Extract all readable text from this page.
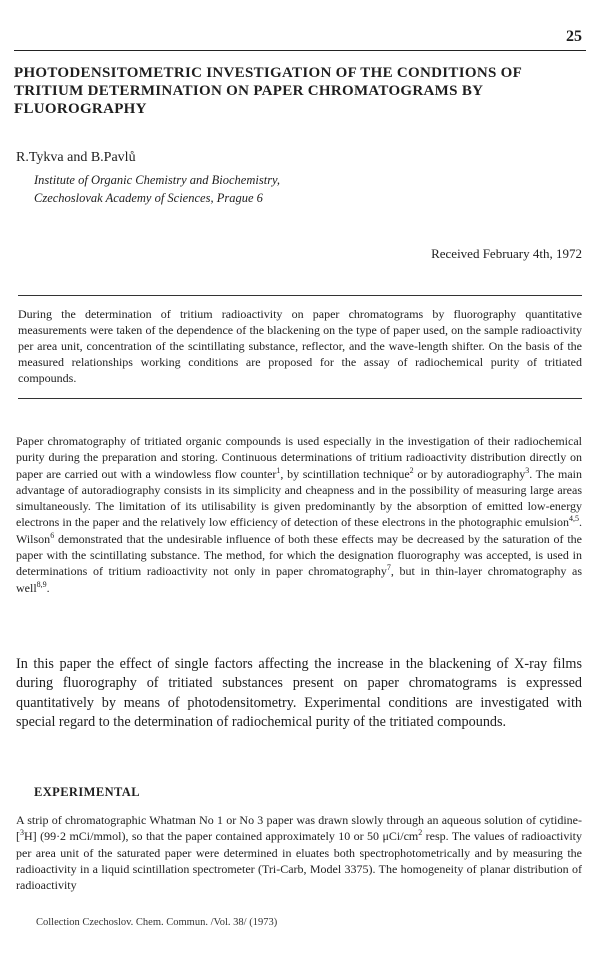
25
PHOTODENSITOMETRIC INVESTIGATION OF THE CONDITIONS OF TRITIUM DETERMINATION ON PAPER CHROMATOGRAMS BY FLUOROGRAPHY
R.Tykva and B.Pavlů
Institute of Organic Chemistry and Biochemistry,
Czechoslovak Academy of Sciences, Prague 6
Received February 4th, 1972

During the determination of tritium radioactivity on paper chromatograms by fluorography quantitative measurements were taken of the dependence of the blackening on the type of paper used, on the sample radioactivity per area unit, concentration of the scintillating substance, reflector, and the wave-length shifter. On the basis of the measured relationships working conditions are proposed for the assay of radiochemical purity of tritiated compounds.

Paper chromatography of tritiated organic compounds is used especially in the investigation of their radiochemical purity during the preparation and storing. Continuous determinations of tritium radioactivity distribution directly on paper are carried out with a windowless flow counter$^1$, by scintillation technique$^2$ or by autoradiography$^3$. The main advantage of autoradiography consists in its simplicity and cheapness and in the possibility of measuring large areas simultaneously. The limitation of its utilisability is given predominantly by the absorption of emitted low-energy electrons in the paper and the relatively low efficiency of detection of these electrons in the photographic emulsion$^{4,5}$. Wilson$^6$ demonstrated that the undesirable influence of both these effects may be decreased by the saturation of the paper with the scintillating substance. The method, for which the designation fluorography was accepted, is used in determinations of tritium radioactivity not only in paper chromatography$^7$, but in thin-layer chromatography as well$^{8,9}$.

In this paper the effect of single factors affecting the increase in the blackening of X-ray films during fluorography of tritiated substances present on paper chromatograms is expressed quantitatively by means of photodensitometry. Experimental conditions are investigated with special regard to the determination of radiochemical purity of the tritiated compounds.

EXPERIMENTAL

A strip of chromatographic Whatman No 1 or No 3 paper was drawn slowly through an aqueous solution of cytidine-[$^3$H] (99·2 mCi/mmol), so that the paper contained approximately 10 or 50 μCi/$cm^2$ resp. The values of radioactivity per area unit of the saturated paper were determined in eluates both spectrophotometrically and by measuring the radioactivity in a liquid scintillation spectrometer (Tri-Carb, Model 3375). The homogeneity of planar distribution of radioactivity

Collection Czechoslov. Chem. Commun. /Vol. 38/ (1973)
